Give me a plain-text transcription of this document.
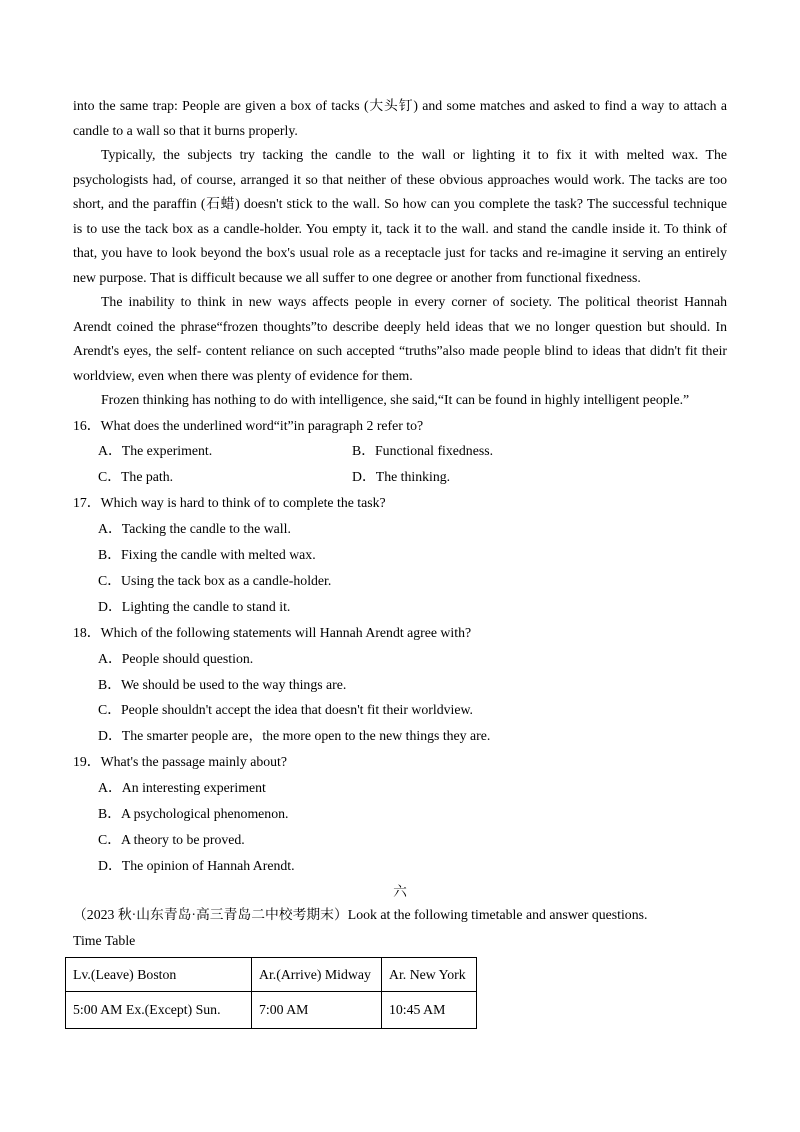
into the same trap: People are given a box of tacks (大头钉) and some matches and asked to find a way to attach a
candle to a wall so that it burns properly.
Typically, the subjects try tacking the candle to the wall or lighting it to fix it with melted wax. The
psychologists had, of course, arranged it so that neither of these obvious approaches would work. The tacks are too
short, and the paraffin (石蜡) doesn't stick to the wall. So how can you complete the task? The successful technique
is to use the tack box as a candle-holder. You empty it, tack it to the wall. and stand the candle inside it. To think of
that, you have to look beyond the box's usual role as a receptacle just for tacks and re-imagine it serving an entirely
new purpose. That is difficult because we all suffer to one degree or another from functional fixedness.
The inability to think in new ways affects people in every corner of society. The political theorist Hannah
Arendt coined the phrase“frozen thoughts”to describe deeply held ideas that we no longer question but should. In
Arendt's eyes, the self- content reliance on such accepted “truths”also made people blind to ideas that didn't fit their
worldview, even when there was plenty of evidence for them.
Frozen thinking has nothing to do with intelligence, she said,“It can be found in highly intelligent people.”
16．What does the underlined word“it”in paragraph 2 refer to?
A．The experiment.	B．Functional fixedness.
C．The path.	D．The thinking.
17．Which way is hard to think of to complete the task?
A．Tacking the candle to the wall.
B．Fixing the candle with melted wax.
C．Using the tack box as a candle-holder.
D．Lighting the candle to stand it.
18．Which of the following statements will Hannah Arendt agree with?
A．People should question.
B．We should be used to the way things are.
C．People shouldn't accept the idea that doesn't fit their worldview.
D．The smarter people are，the more open to the new things they are.
19．What's the passage mainly about?
A．An interesting experiment
B．A psychological phenomenon.
C．A theory to be proved.
D．The opinion of Hannah Arendt.
六
（2023 秋·山东青岛·高三青岛二中校考期末）Look at the following timetable and answer questions.
Time Table
Lv.(Leave) Boston	Ar.(Arrive) Midway	Ar. New York
5:00 AM Ex.(Except) Sun.	7:00 AM	10:45 AM
